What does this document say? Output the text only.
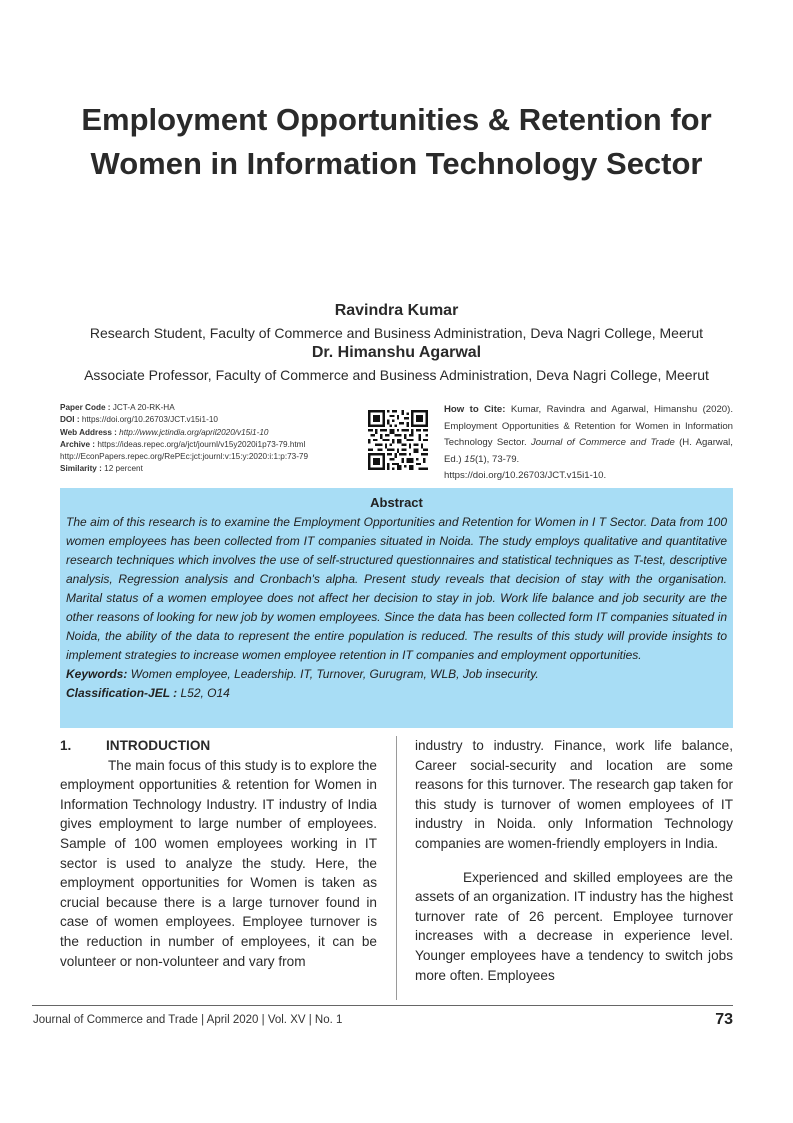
Employment Opportunities & Retention for
Women in Information Technology Sector
Ravindra Kumar
Research Student, Faculty of Commerce and Business Administration, Deva Nagri College, Meerut
Dr. Himanshu Agarwal
Associate Professor, Faculty of Commerce and Business Administration, Deva Nagri College, Meerut
Paper Code : JCT-A 20-RK-HA
DOI : https://doi.org/10.26703/JCT.v15i1-10
Web Address : http://www.jctindia.org/april2020/v15i1-10
Archive : https://ideas.repec.org/a/jct/journl/v15y2020i1p73-79.html
http://EconPapers.repec.org/RePEc:jct:journl:v:15:y:2020:i:1:p:73-79
Similarity : 12 percent
How to Cite: Kumar, Ravindra and Agarwal, Himanshu (2020). Employment Opportunities & Retention for Women in Information Technology Sector. Journal of Commerce and Trade (H. Agarwal, Ed.) 15(1), 73-79.
https://doi.org/10.26703/JCT.v15i1-10.
Abstract

The aim of this research is to examine the Employment Opportunities and Retention for Women in I T Sector. Data from 100 women employees has been collected from IT companies situated in Noida. The study employs qualitative and quantitative research techniques which involves the use of self-structured questionnaires and statistical techniques as T-test, descriptive analysis, Regression analysis and Cronbach's alpha. Present study reveals that decision of stay with the organisation. Marital status of a women employee does not affect her decision to stay in job. Work life balance and job security are the other reasons of looking for new job by women employees. Since the data has been collected form IT companies situated in Noida, the ability of the data to represent the entire population is reduced. The results of this study will provide insights to implement strategies to increase women employee retention in IT companies and employment opportunities.

Keywords: Women employee, Leadership. IT, Turnover, Gurugram, WLB, Job insecurity.
Classification-JEL : L52, O14
1.	INTRODUCTION

The main focus of this study is to explore the employment opportunities & retention for Women in Information Technology Industry. IT industry of India gives employment to large number of employees. Sample of 100 women employees working in IT sector is used to analyze the study. Here, the employment opportunities for Women is taken as crucial because there is a large turnover found in case of women employees. Employee turnover is the reduction in number of employees, it can be volunteer or non-volunteer and vary from

industry to industry. Finance, work life balance, Career social-security and location are some reasons for this turnover. The research gap taken for this study is turnover of women employees of IT industry in Noida. only Information Technology companies are women-friendly employers in India.

Experienced and skilled employees are the assets of an organization. IT industry has the highest turnover rate of 26 percent. Employee turnover increases with a decrease in experience level. Younger employees have a tendency to switch jobs more often. Employees

Journal of Commerce and Trade | April 2020 | Vol. XV | No. 1	73
